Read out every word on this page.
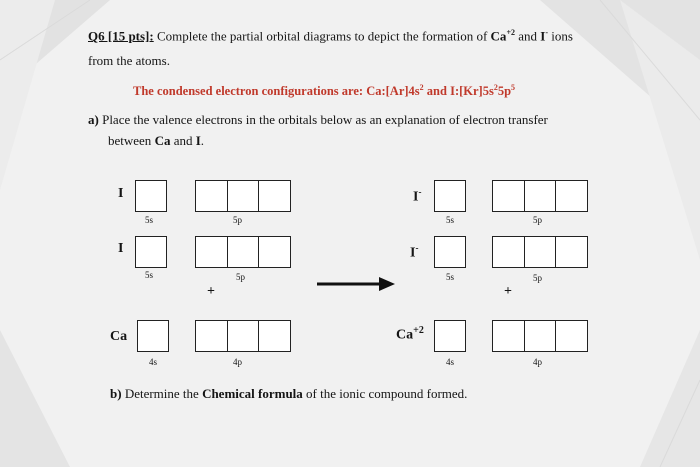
Q6 [15 pts]: Complete the partial orbital diagrams to depict the formation of $Ca^{+2}$ and I- ions
from the atoms.
The condensed electron configurations are: $Ca:[Ar]4s^2$ and $I:[Kr]5s^25p^5$
a) Place the valence electrons in the orbitals below as an explanation of electron transfer
between Ca and I.
I
5s	5p
I
5s	5p
+
Ca
4s	4p
I-
5s	5p
I-
5s	5p
+
$Ca^{+2}$
4s	4p
b) Determine the Chemical formula of the ionic compound formed.
